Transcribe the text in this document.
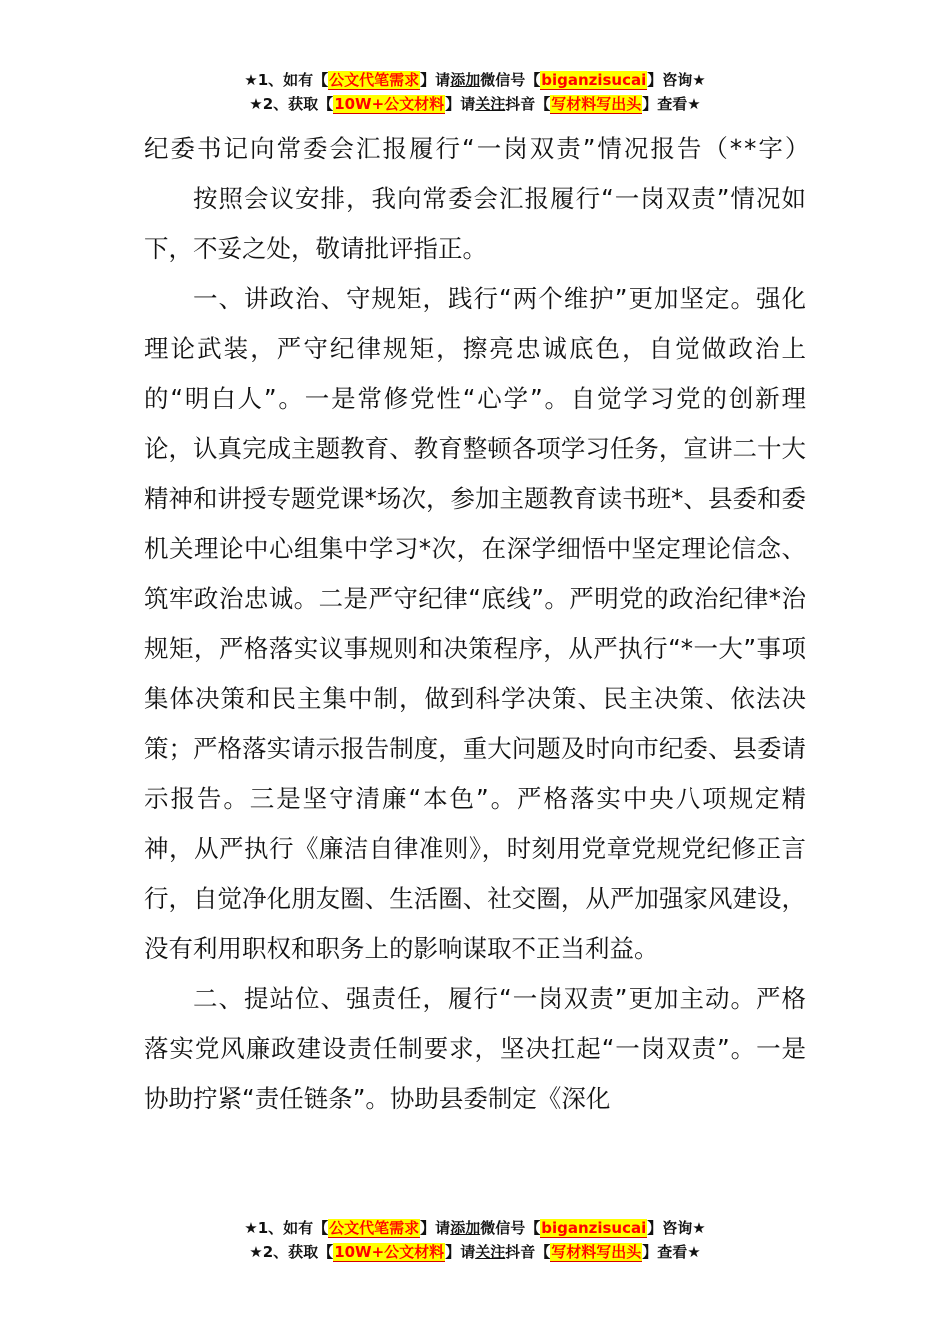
★1、如有【公文代笔需求】请添加微信号【biganzisucai】咨询★
★2、获取【10W+公文材料】请关注抖音【写材料写出头】查看★

纪委书记向常委会汇报履行“一岗双责”情况报告（**字）

按照会议安排，我向常委会汇报履行“一岗双责”情况如下，不妥之处，敬请批评指正。

一、讲政治、守规矩，践行“两个维护”更加坚定。强化理论武装，严守纪律规矩，擦亮忠诚底色，自觉做政治上的“明白人”。一是常修党性“心学”。自觉学习党的创新理论，认真完成主题教育、教育整顿各项学习任务，宣讲二十大精神和讲授专题党课*场次，参加主题教育读书班*、县委和委机关理论中心组集中学习*次，在深学细悟中坚定理论信念、筑牢政治忠诚。二是严守纪律“底线”。严明党的政治纪律*治规矩，严格落实议事规则和决策程序，从严执行“*一大”事项集体决策和民主集中制，做到科学决策、民主决策、依法决策；严格落实请示报告制度，重大问题及时向市纪委、县委请示报告。三是坚守清廉“本色”。严格落实中央八项规定精神，从严执行《廉洁自律准则》，时刻用党章党规党纪修正言行，自觉净化朋友圈、生活圈、社交圈，从严加强家风建设，没有利用职权和职务上的影响谋取不正当利益。

二、提站位、强责任，履行“一岗双责”更加主动。严格落实党风廉政建设责任制要求，坚决扛起“一岗双责”。一是协助拧紧“责任链条”。协助县委制定《深化

★1、如有【公文代笔需求】请添加微信号【biganzisucai】咨询★
★2、获取【10W+公文材料】请关注抖音【写材料写出头】查看★
